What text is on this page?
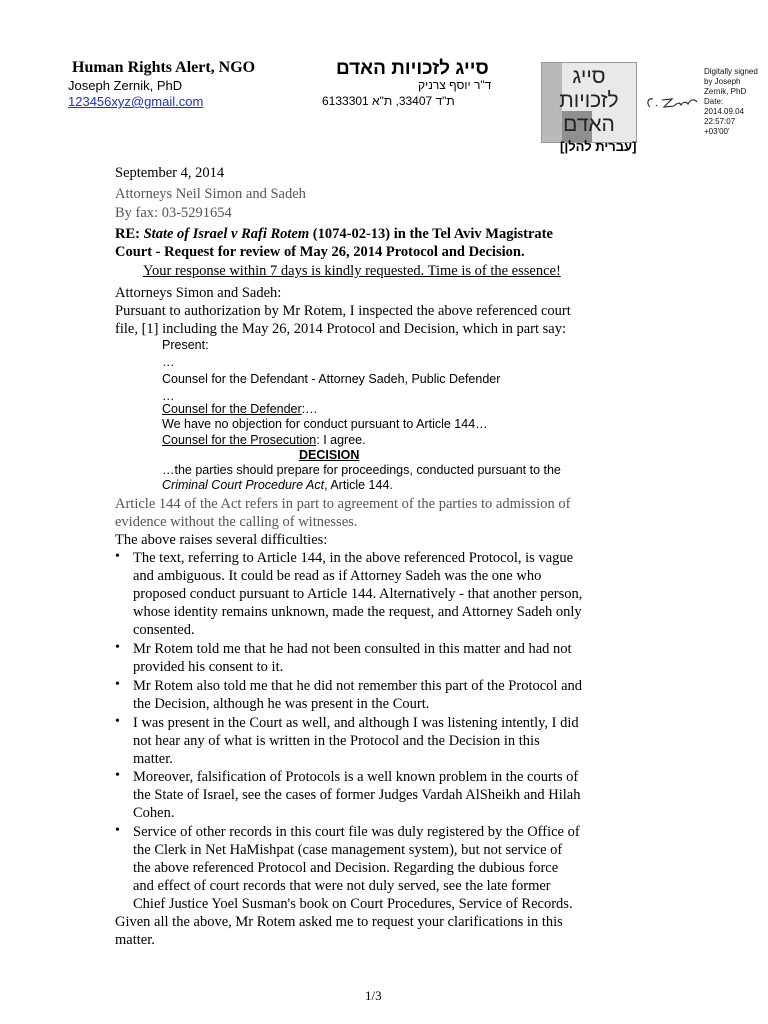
Human Rights Alert, NGO
Joseph Zernik, PhD
123456xyz@gmail.com
סייג לזכויות האדם
ד"ר יוסף צרניק
ת"ד 33407, ת"א 6133301
סייג
לזכויות
האדם
Digitally signed
by Joseph
Zernik, PhD
Date:
2014.09.04
22:57:07
+03'00'
[עברית להלן]
September 4, 2014
Attorneys Neil Simon and Sadeh
By fax: 03-5291654
RE: State of Israel v Rafi Rotem (1074-02-13) in the Tel Aviv Magistrate
Court - Request for review of May 26, 2014 Protocol and Decision.
Your response within 7 days is kindly requested. Time is of the essence!
Attorneys Simon and Sadeh:
Pursuant to authorization by Mr Rotem, I inspected the above referenced court
file, [1] including the May 26, 2014 Protocol and Decision, which in part say:
Present:
…
Counsel for the Defendant - Attorney Sadeh, Public Defender
…
Counsel for the Defender:…
We have no objection for conduct pursuant to Article 144…
Counsel for the Prosecution: I agree.
DECISION
…the parties should prepare for proceedings, conducted pursuant to the
Criminal Court Procedure Act, Article 144.
Article 144 of the Act refers in part to agreement of the parties to admission of
evidence without the calling of witnesses.
The above raises several difficulties:
• The text, referring to Article 144, in the above referenced Protocol, is vague
and ambiguous. It could be read as if Attorney Sadeh was the one who
proposed conduct pursuant to Article 144. Alternatively - that another person,
whose identity remains unknown, made the request, and Attorney Sadeh only
consented.
• Mr Rotem told me that he had not been consulted in this matter and had not
provided his consent to it.
• Mr Rotem also told me that he did not remember this part of the Protocol and
the Decision, although he was present in the Court.
• I was present in the Court as well, and although I was listening intently, I did
not hear any of what is written in the Protocol and the Decision in this
matter.
• Moreover, falsification of Protocols is a well known problem in the courts of
the State of Israel, see the cases of former Judges Vardah AlSheikh and Hilah
Cohen.
• Service of other records in this court file was duly registered by the Office of
the Clerk in Net HaMishpat (case management system), but not service of
the above referenced Protocol and Decision. Regarding the dubious force
and effect of court records that were not duly served, see the late former
Chief Justice Yoel Susman's book on Court Procedures, Service of Records.
Given all the above, Mr Rotem asked me to request your clarifications in this
matter.
1/3
